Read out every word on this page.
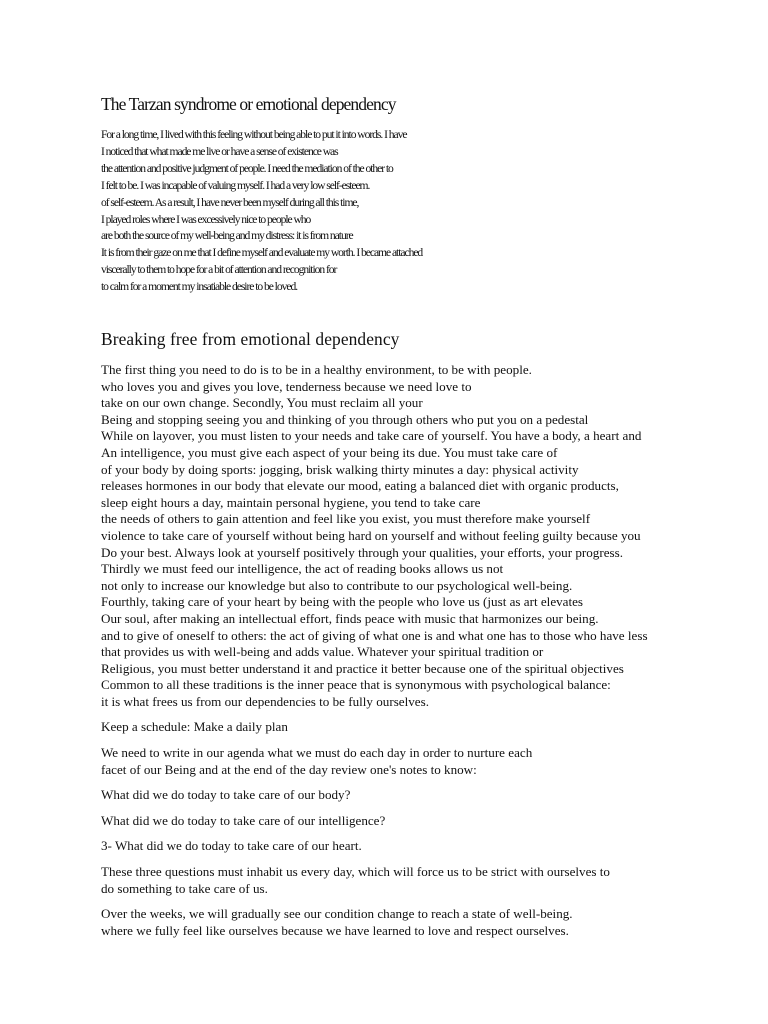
The Tarzan syndrome or emotional dependency
For a long time, I lived with this feeling without being able to put it into words. I have
I noticed that what made me live or have a sense of existence was
the attention and positive judgment of people. I need the mediation of the other to
I felt to be. I was incapable of valuing myself. I had a very low self-esteem.
of self-esteem. As a result, I have never been myself during all this time,
I played roles where I was excessively nice to people who
are both the source of my well-being and my distress: it is from nature
It is from their gaze on me that I define myself and evaluate my worth. I became attached
viscerally to them to hope for a bit of attention and recognition for
to calm for a moment my insatiable desire to be loved.
Breaking free from emotional dependency
The first thing you need to do is to be in a healthy environment, to be with people.
who loves you and gives you love, tenderness because we need love to
take on our own change. Secondly, You must reclaim all your
Being and stopping seeing you and thinking of you through others who put you on a pedestal
While on layover, you must listen to your needs and take care of yourself. You have a body, a heart and
An intelligence, you must give each aspect of your being its due. You must take care of
of your body by doing sports: jogging, brisk walking thirty minutes a day: physical activity
releases hormones in our body that elevate our mood, eating a balanced diet with organic products,
sleep eight hours a day, maintain personal hygiene, you tend to take care
the needs of others to gain attention and feel like you exist, you must therefore make yourself
violence to take care of yourself without being hard on yourself and without feeling guilty because you
Do your best. Always look at yourself positively through your qualities, your efforts, your progress.
Thirdly we must feed our intelligence, the act of reading books allows us not
not only to increase our knowledge but also to contribute to our psychological well-being.
Fourthly, taking care of your heart by being with the people who love us (just as art elevates
Our soul, after making an intellectual effort, finds peace with music that harmonizes our being.
and to give of oneself to others: the act of giving of what one is and what one has to those who have less
that provides us with well-being and adds value. Whatever your spiritual tradition or
Religious, you must better understand it and practice it better because one of the spiritual objectives
Common to all these traditions is the inner peace that is synonymous with psychological balance:
it is what frees us from our dependencies to be fully ourselves.
Keep a schedule: Make a daily plan
We need to write in our agenda what we must do each day in order to nurture each
facet of our Being and at the end of the day review one's notes to know:
What did we do today to take care of our body?
What did we do today to take care of our intelligence?
3- What did we do today to take care of our heart.
These three questions must inhabit us every day, which will force us to be strict with ourselves to
do something to take care of us.
Over the weeks, we will gradually see our condition change to reach a state of well-being.
where we fully feel like ourselves because we have learned to love and respect ourselves.
